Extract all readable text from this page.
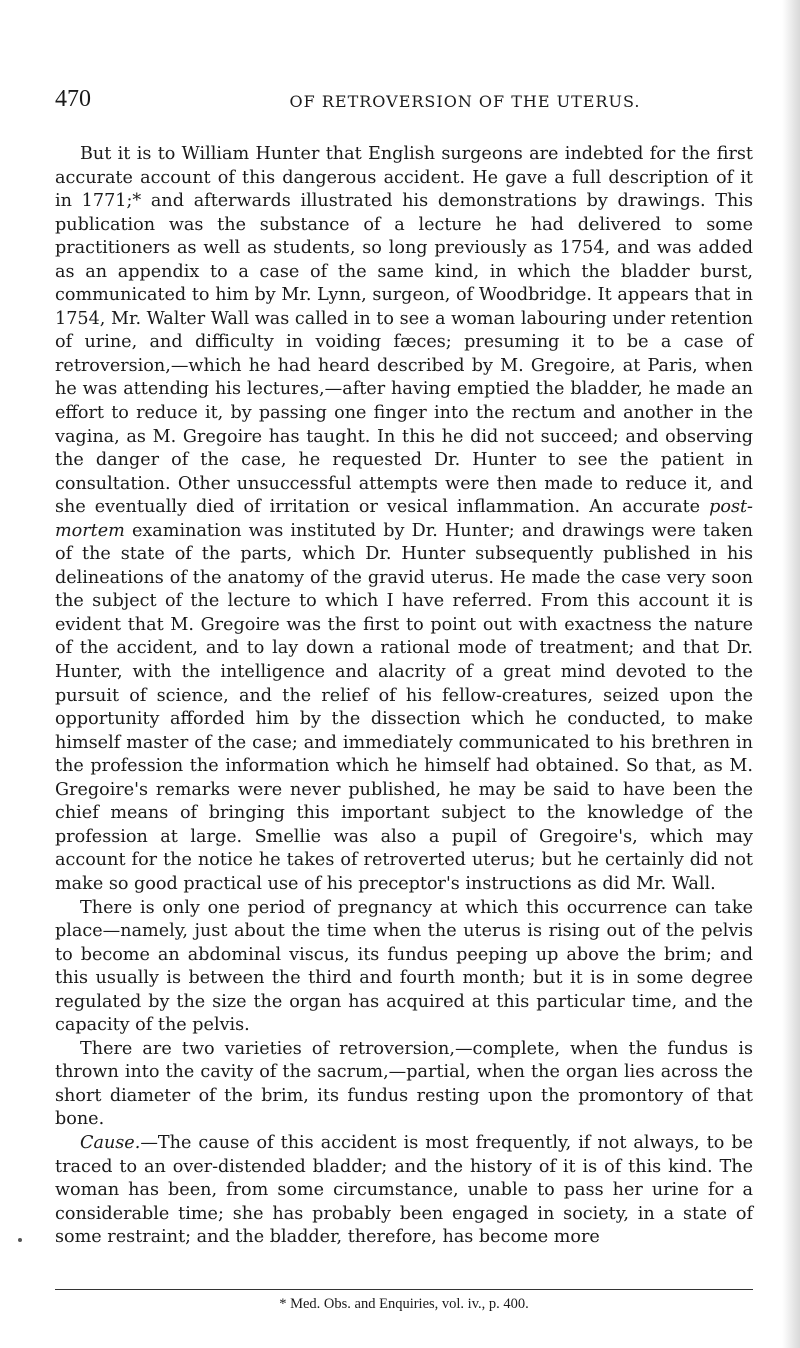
470	OF RETROVERSION OF THE UTERUS.

But it is to William Hunter that English surgeons are indebted for the first accurate account of this dangerous accident. He gave a full description of it in 1771;* and afterwards illustrated his demonstrations by drawings. This publication was the substance of a lecture he had delivered to some practitioners as well as students, so long previously as 1754, and was added as an appendix to a case of the same kind, in which the bladder burst, communicated to him by Mr. Lynn, surgeon, of Woodbridge. It appears that in 1754, Mr. Walter Wall was called in to see a woman labouring under retention of urine, and difficulty in voiding fæces; presuming it to be a case of retroversion,—which he had heard described by M. Gregoire, at Paris, when he was attending his lectures,—after having emptied the bladder, he made an effort to reduce it, by passing one finger into the rectum and another in the vagina, as M. Gregoire has taught. In this he did not succeed; and observing the danger of the case, he requested Dr. Hunter to see the patient in consultation. Other unsuccessful attempts were then made to reduce it, and she eventually died of irritation or vesical inflammation. An accurate post-mortem examination was instituted by Dr. Hunter; and drawings were taken of the state of the parts, which Dr. Hunter subsequently published in his delineations of the anatomy of the gravid uterus. He made the case very soon the subject of the lecture to which I have referred. From this account it is evident that M. Gregoire was the first to point out with exactness the nature of the accident, and to lay down a rational mode of treatment; and that Dr. Hunter, with the intelligence and alacrity of a great mind devoted to the pursuit of science, and the relief of his fellow-creatures, seized upon the opportunity afforded him by the dissection which he conducted, to make himself master of the case; and immediately communicated to his brethren in the profession the information which he himself had obtained. So that, as M. Gregoire's remarks were never published, he may be said to have been the chief means of bringing this important subject to the knowledge of the profession at large. Smellie was also a pupil of Gregoire's, which may account for the notice he takes of retroverted uterus; but he certainly did not make so good practical use of his preceptor's instructions as did Mr. Wall.

There is only one period of pregnancy at which this occurrence can take place—namely, just about the time when the uterus is rising out of the pelvis to become an abdominal viscus, its fundus peeping up above the brim; and this usually is between the third and fourth month; but it is in some degree regulated by the size the organ has acquired at this particular time, and the capacity of the pelvis.

There are two varieties of retroversion,—complete, when the fundus is thrown into the cavity of the sacrum,—partial, when the organ lies across the short diameter of the brim, its fundus resting upon the promontory of that bone.

Cause.—The cause of this accident is most frequently, if not always, to be traced to an over-distended bladder; and the history of it is of this kind. The woman has been, from some circumstance, unable to pass her urine for a considerable time; she has probably been engaged in society, in a state of some restraint; and the bladder, therefore, has become more

* Med. Obs. and Enquiries, vol. iv., p. 400.
